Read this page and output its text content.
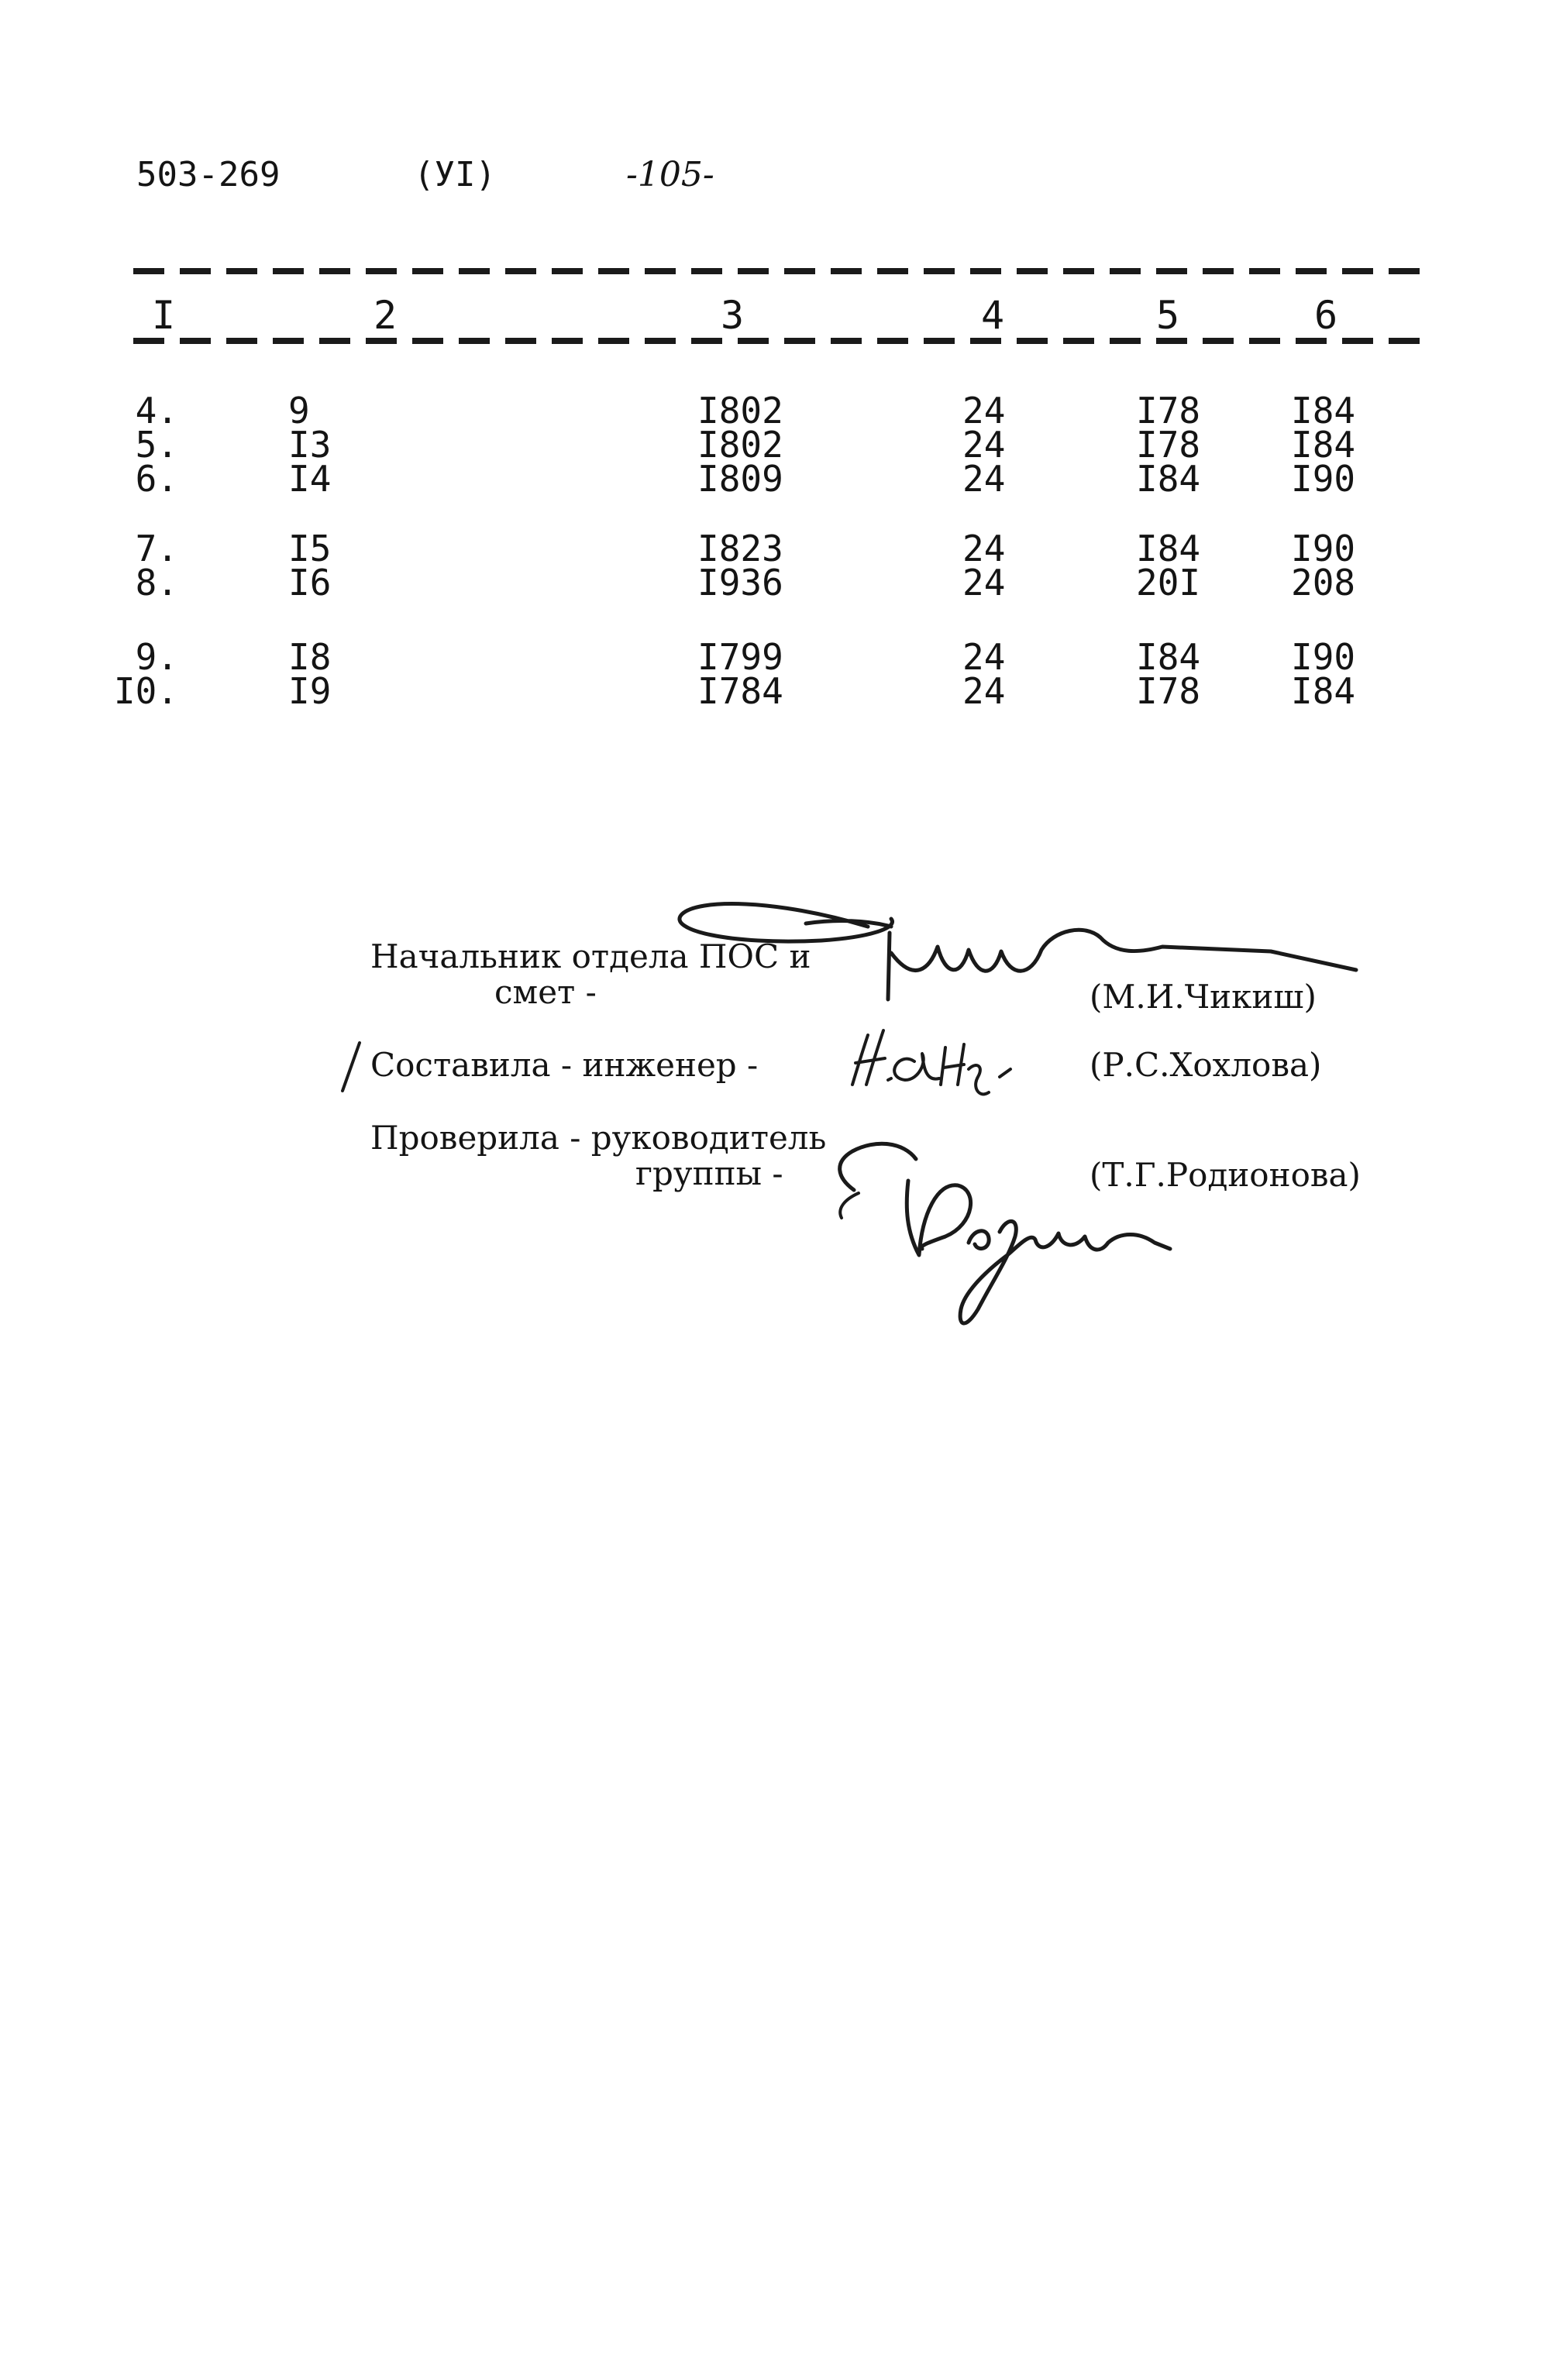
503-269	(УI)	-105-
I	2	3	4	5	6
4.	9	I802	24	I78	I84
5.	I3	I802	24	I78	I84
6.	I4	I809	24	I84	I90
7.	I5	I823	24	I84	I90
8.	I6	I936	24	20I	208
9.	I8	I799	24	I84	I90
I0.	I9	I784	24	I78	I84
Начальник отдела ПОС и
смет -	(М.И.Чикиш)
Составила - инженер -	(Р.С.Хохлова)
Проверила - руководитель
группы -	(Т.Г.Родионова)
